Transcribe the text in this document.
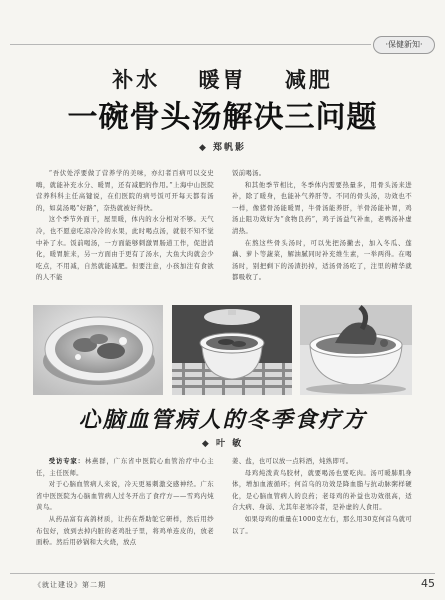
·保健新知·
补水 暖胃 减肥
一碗骨头汤解决三问题
◆ 郑帆影

“吾伏处浮要做了营养学的美味，亦幻者百病可以交史嗨，就能补充水分、暖胃，还有减肥的作用。”上海中山医院营养科科主任高键说，在们医院的病号饭可开每天都有汤的，如莫汤喝“好路”，奈热就被好得快。

这个季节外面干，屋里暖，体内的水分相对不够。天气冷，也不愿意吃凉冷冷的水果，此时喝点汤，就很不知不觉中补了水。饭前喝汤，一方面能够刺激胃肠道工作，促进消化，暖胃脏来，另一方面由于更有了汤水，大鱼大肉就会少吃点，不用减，自然就能减肥。但要注意，小孩加注有食欲的人不能

饭前喝汤。

和其他季节相比，冬季体内需要热量多，用骨头汤来进补，除了暖身，也能补气养肝等。不同的骨头汤，功效也不一样，像猪骨汤能暖胃，牛骨汤能养肝，羊骨汤能补胃，鸡汤止阻功效好为“食物良药”，鸡子汤益气补血，老鸭汤补虚清热。

在熬这些骨头汤时，可以先把汤撇去，加入冬瓜、莲藕、萝卜等蔬菜，解油腻同时补充维生素，一举两得。在喝汤时，别把剩下的汤渣扔掉，适汤骨汤吃了，注里的精华就都吸收了。

心脑血管病人的冬季食疗方
◆ 叶 敏

受访专家：林燕群，广东省中医院心血管治疗中心主任，主任医师。

对于心脑血管病人来说，冷天更易刺激交感神经。广东省中医医院为心脑血管病人过冬开出了食疗方——雪鸡内炖黄鸟。

从药品富有高鸽材质，让药在帮助鸵它研样，然后用纱布包好，放到去掉内脏的老鸡肚子里，将鸡单连皮的，放老面粉。然后用砂锅和大火烧，放点

姜、盐，也可以放一点料酒，炖熟即可。

母鸡炖泼黄鸟胶材，就要喝汤也要吃肉。汤可暖肺肌身体，增加血液循环；何首乌的功效是降血脂与抗动脉粥样硬化，是心脑血管病人的良药；老母鸡的补益也功效很高，适合大病、身弱、尤其年老寒冷者，是补虚的人食用。

如果母鸡的重量在1000克左右，那么用30克何首乌就可以了。

《就让建设》第二期	45
